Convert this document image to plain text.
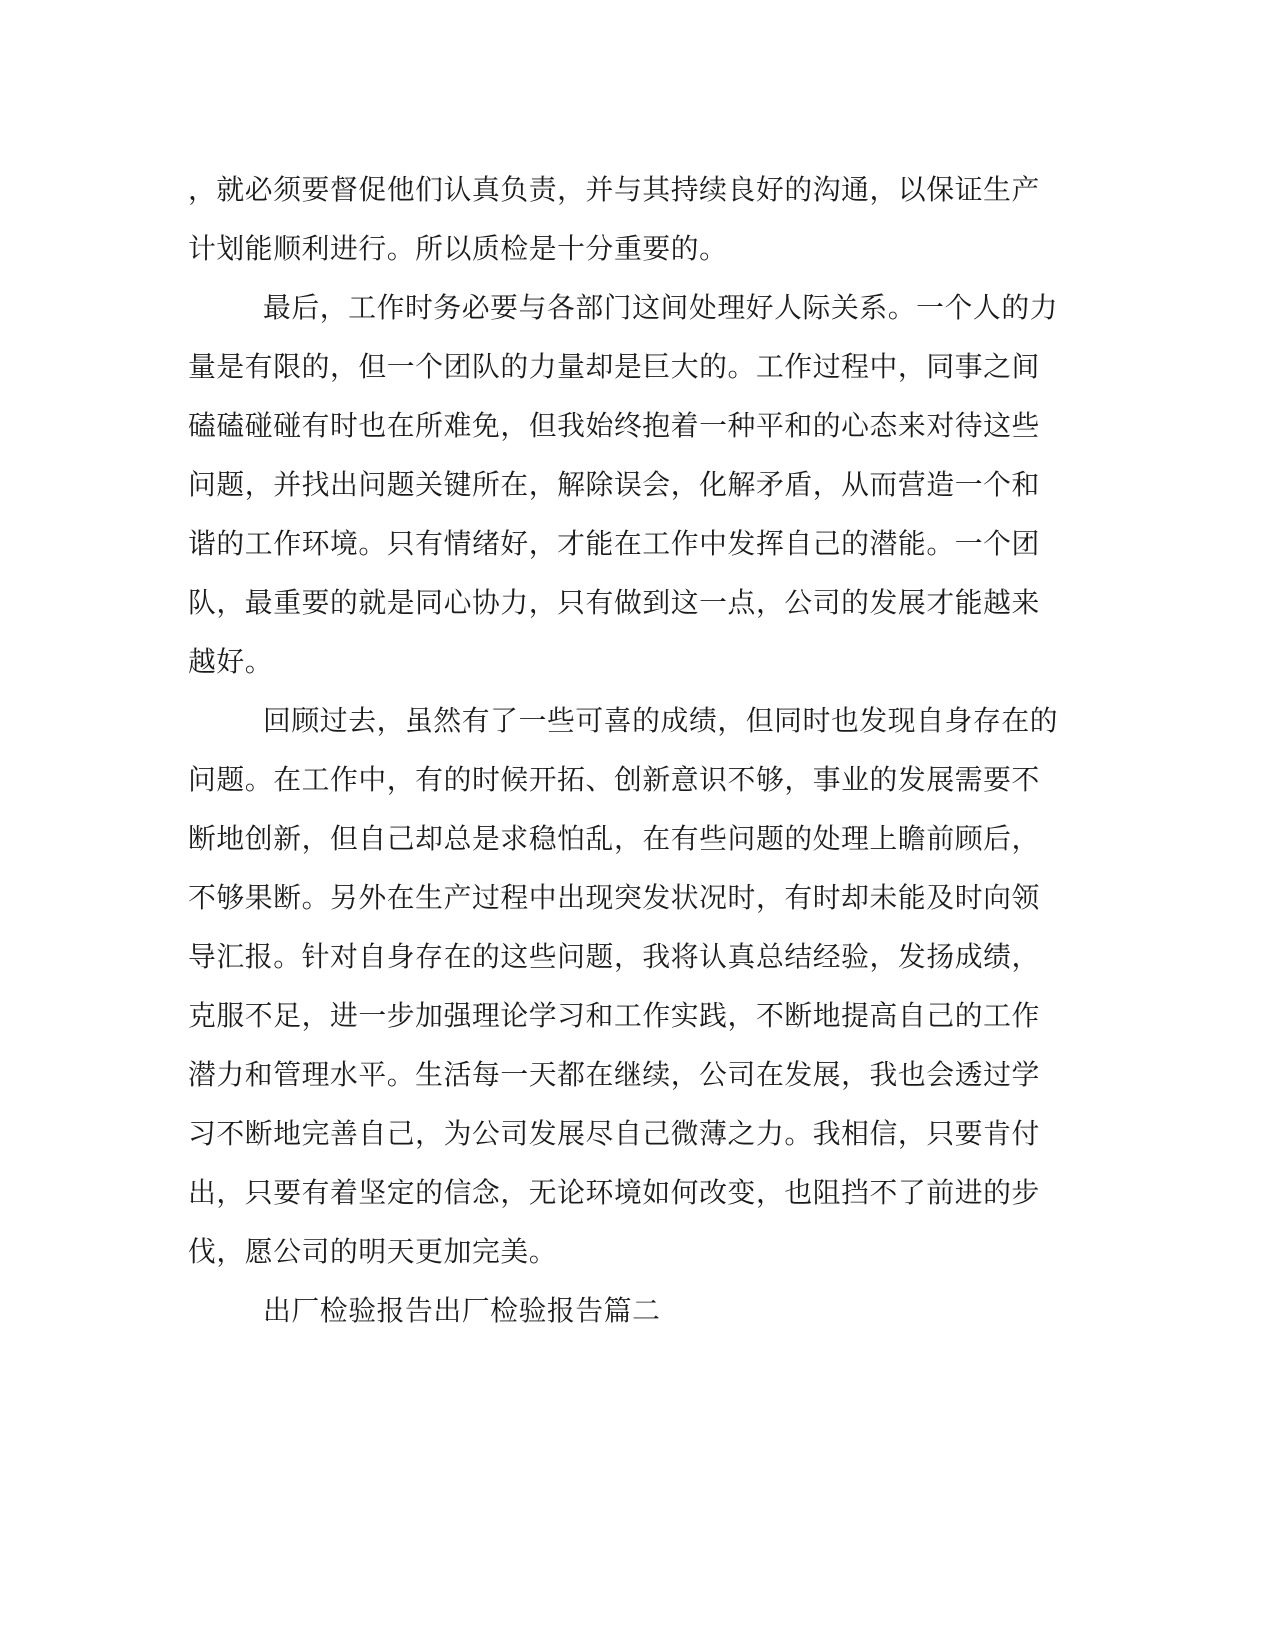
，就必须要督促他们认真负责，并与其持续良好的沟通，以保证生产
计划能顺利进行。所以质检是十分重要的。
最后，工作时务必要与各部门这间处理好人际关系。一个人的力
量是有限的，但一个团队的力量却是巨大的。工作过程中，同事之间
磕磕碰碰有时也在所难免，但我始终抱着一种平和的心态来对待这些
问题，并找出问题关键所在，解除误会，化解矛盾，从而营造一个和
谐的工作环境。只有情绪好，才能在工作中发挥自己的潜能。一个团
队，最重要的就是同心协力，只有做到这一点，公司的发展才能越来
越好。
回顾过去，虽然有了一些可喜的成绩，但同时也发现自身存在的
问题。在工作中，有的时候开拓、创新意识不够，事业的发展需要不
断地创新，但自己却总是求稳怕乱，在有些问题的处理上瞻前顾后，
不够果断。另外在生产过程中出现突发状况时，有时却未能及时向领
导汇报。针对自身存在的这些问题，我将认真总结经验，发扬成绩，
克服不足，进一步加强理论学习和工作实践，不断地提高自己的工作
潜力和管理水平。生活每一天都在继续，公司在发展，我也会透过学
习不断地完善自己，为公司发展尽自己微薄之力。我相信，只要肯付
出，只要有着坚定的信念，无论环境如何改变，也阻挡不了前进的步
伐，愿公司的明天更加完美。
出厂检验报告出厂检验报告篇二
